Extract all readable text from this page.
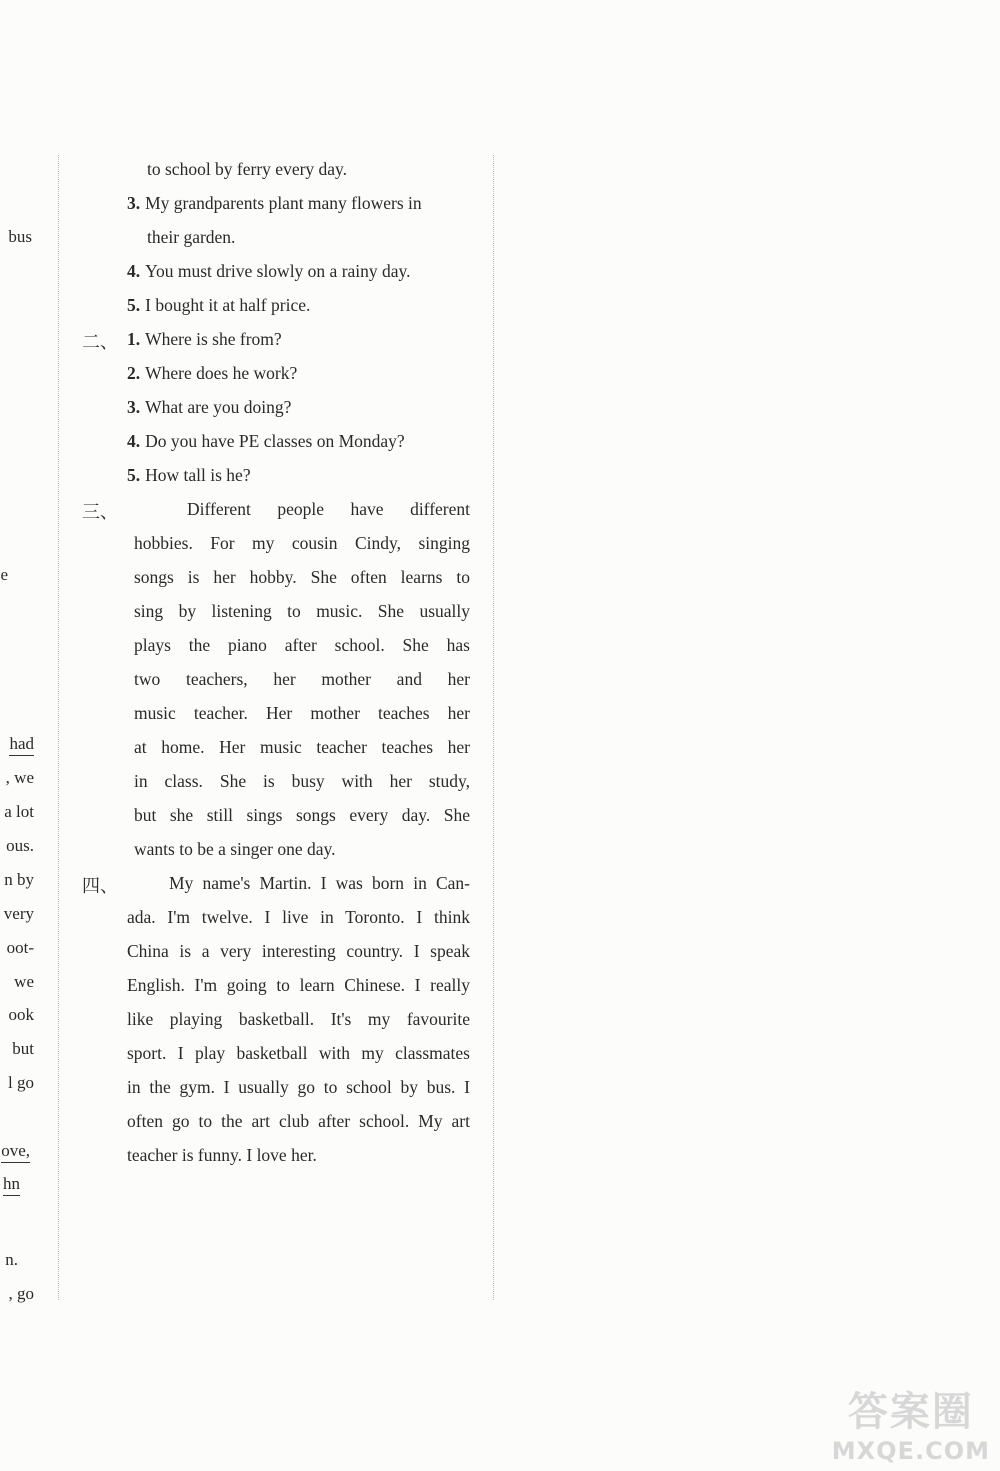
bus
e
had
, we
a lot
ous.
n by
very
oot-
we
ook
but
l go
ove,
hn
n.
, go
to school by ferry every day.
3. My grandparents plant many flowers in
their garden.
4. You must drive slowly on a rainy day.
5. I bought it at half price.
二、 1. Where is she from?
2. Where does he work?
3. What are you doing?
4. Do you have PE classes on Monday?
5. How tall is he?
三、	Different people have different
hobbies. For my cousin Cindy, singing
songs is her hobby. She often learns to
sing by listening to music. She usually
plays the piano after school. She has
two teachers, her mother and her
music teacher. Her mother teaches her
at home. Her music teacher teaches her
in class. She is busy with her study,
but she still sings songs every day. She
wants to be a singer one day.
四、	My name's Martin. I was born in Can-
ada. I'm twelve. I live in Toronto. I think
China is a very interesting country. I speak
English. I'm going to learn Chinese. I really
like playing basketball. It's my favourite
sport. I play basketball with my classmates
in the gym. I usually go to school by bus. I
often go to the art club after school. My art
teacher is funny. I love her.
答案圈
MXQE.COM
